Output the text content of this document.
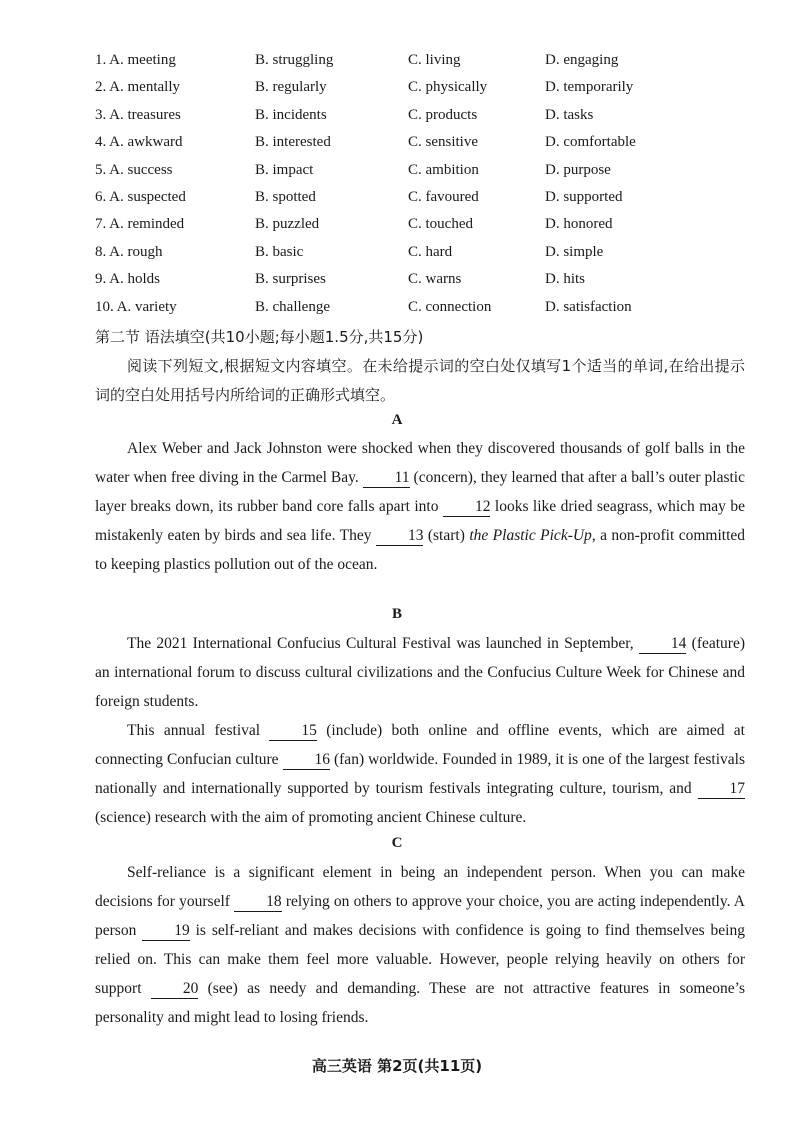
1. A. meeting	B. struggling	C. living	D. engaging
2. A. mentally	B. regularly	C. physically	D. temporarily
3. A. treasures	B. incidents	C. products	D. tasks
4. A. awkward	B. interested	C. sensitive	D. comfortable
5. A. success	B. impact	C. ambition	D. purpose
6. A. suspected	B. spotted	C. favoured	D. supported
7. A. reminded	B. puzzled	C. touched	D. honored
8. A. rough	B. basic	C. hard	D. simple
9. A. holds	B. surprises	C. warns	D. hits
10. A. variety	B. challenge	C. connection	D. satisfaction
第二节 语法填空(共10小题;每小题1.5分,共15分)
阅读下列短文,根据短文内容填空。在未给提示词的空白处仅填写1个适当的单词,在给出提示词的空白处用括号内所给词的正确形式填空。
A
Alex Weber and Jack Johnston were shocked when they discovered thousands of golf balls in the water when free diving in the Carmel Bay. 11 (concern), they learned that after a ball’s outer plastic layer breaks down, its rubber band core falls apart into 12 looks like dried seagrass, which may be mistakenly eaten by birds and sea life. They 13 (start) the Plastic Pick-Up, a non-profit committed to keeping plastics pollution out of the ocean.
B
The 2021 International Confucius Cultural Festival was launched in September, 14 (feature) an international forum to discuss cultural civilizations and the Confucius Culture Week for Chinese and foreign students.
This annual festival 15 (include) both online and offline events, which are aimed at connecting Confucian culture 16 (fan) worldwide. Founded in 1989, it is one of the largest festivals nationally and internationally supported by tourism festivals integrating culture, tourism, and 17 (science) research with the aim of promoting ancient Chinese culture.
C
Self-reliance is a significant element in being an independent person. When you can make decisions for yourself 18 relying on others to approve your choice, you are acting independently. A person 19 is self-reliant and makes decisions with confidence is going to find themselves being relied on. This can make them feel more valuable. However, people relying heavily on others for support 20 (see) as needy and demanding. These are not attractive features in someone’s personality and might lead to losing friends.
高三英语 第2页(共11页)
